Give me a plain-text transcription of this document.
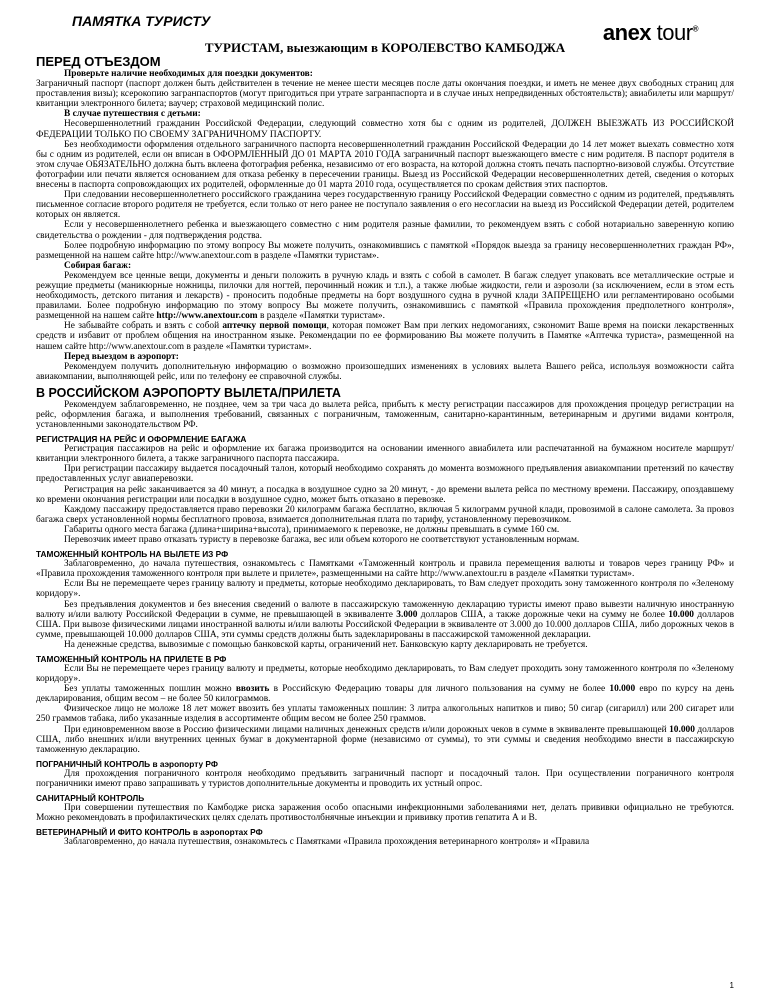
ПАМЯТКА ТУРИСТУ	anex tour®
ТУРИСТАМ, выезжающим в КОРОЛЕВСТВО КАМБОДЖА
ПЕРЕД ОТЪЕЗДОМ

Проверьте наличие необходимых для поездки документов:

Заграничный паспорт (паспорт должен быть действителен в течение не менее шести месяцев после даты окончания поездки, и иметь не менее двух свободных страниц для проставления визы); ксерокопию загранпаспортов (могут пригодиться при утрате загранпаспорта и в случае иных непредвиденных обстоятельств); авиабилеты или маршрут/квитанции электронного билета; ваучер; страховой медицинский полис.

В случае путешествия с детьми:

Несовершеннолетний гражданин Российской Федерации, следующий совместно хотя бы с одним из родителей, ДОЛЖЕН ВЫЕЗЖАТЬ ИЗ РОССИЙСКОЙ ФЕДЕРАЦИИ ТОЛЬКО ПО СВОЕМУ ЗАГРАНИЧНОМУ ПАСПОРТУ.

Без необходимости оформления отдельного заграничного паспорта несовершеннолетний гражданин Российской Федерации до 14 лет может выехать совместно хотя бы с одним из родителей, если он вписан в ОФОРМЛЕННЫЙ ДО 01 МАРТА 2010 ГОДА заграничный паспорт выезжающего вместе с ним родителя. В паспорт родителя в этом случае ОБЯЗАТЕЛЬНО должна быть вклеена фотография ребенка, независимо от его возраста, на которой должна стоять печать паспортно-визовой службы. Отсутствие фотографии или печати является основанием для отказа ребенку в пересечении границы. Выезд из Российской Федерации несовершеннолетних детей, сведения о которых внесены в паспорта сопровождающих их родителей, оформленные до 01 марта 2010 года, осуществляется по срокам действия этих паспортов.

При следовании несовершеннолетнего российского гражданина через государственную границу Российской Федерации совместно с одним из родителей, предъявлять письменное согласие второго родителя не требуется, если только от него ранее не поступало заявления о его несогласии на выезд из Российской Федерации детей, родителем которых он является.

Если у несовершеннолетнего ребенка и выезжающего совместно с ним родителя разные фамилии, то рекомендуем взять с собой нотариально заверенную копию свидетельства о рождении - для подтверждения родства.

Более подробную информацию по этому вопросу Вы можете получить, ознакомившись с памяткой «Порядок выезда за границу несовершеннолетних граждан РФ», размещенной на нашем сайте http://www.anextour.com в разделе «Памятки туристам».

Собирая багаж:

Рекомендуем все ценные вещи, документы и деньги положить в ручную кладь и взять с собой в самолет. В багаж следует упаковать все металлические острые и режущие предметы (маникюрные ножницы, пилочки для ногтей, перочинный ножик и т.п.), а также любые жидкости, гели и аэрозоли (за исключением, если в этом есть необходимость, детского питания и лекарств) - проносить подобные предметы на борт воздушного судна в ручной клади ЗАПРЕЩЕНО или регламентировано особыми правилами. Более подробную информацию по этому вопросу Вы можете получить, ознакомившись с памяткой «Правила прохождения предполетного контроля», размещенной на нашем сайте http://www.anextour.com в разделе «Памятки туристам».

Не забывайте собрать и взять с собой аптечку первой помощи, которая поможет Вам при легких недомоганиях, сэкономит Ваше время на поиски лекарственных средств и избавит от проблем общения на иностранном языке. Рекомендации по ее формированию Вы можете получить в Памятке «Аптечка туриста», размещенной на нашем сайте http://www.anextour.com в разделе «Памятки туристам».

Перед выездом в аэропорт:

Рекомендуем получить дополнительную информацию о возможно произошедших изменениях в условиях вылета Вашего рейса, используя возможности сайта авиакомпании, выполняющей рейс, или по телефону ее справочной службы.

В РОССИЙСКОМ АЭРОПОРТУ ВЫЛЕТА/ПРИЛЕТА

Рекомендуем заблаговременно, не позднее, чем за три часа до вылета рейса, прибыть к месту регистрации пассажиров для прохождения процедур регистрации на рейс, оформления багажа, и выполнения требований, связанных с пограничным, таможенным, санитарно-карантинным, ветеринарным и другими видами контроля, установленными законодательством РФ.

РЕГИСТРАЦИЯ НА РЕЙС И ОФОРМЛЕНИЕ БАГАЖА

Регистрация пассажиров на рейс и оформление их багажа производится на основании именного авиабилета или распечатанной на бумажном носителе маршрут/квитанции электронного билета, а также заграничного паспорта пассажира.

При регистрации пассажиру выдается посадочный талон, который необходимо сохранять до момента возможного предъявления авиакомпании претензий по качеству предоставленных услуг авиаперевозки.

Регистрация на рейс заканчивается за 40 минут, а посадка в воздушное судно за 20 минут, - до времени вылета рейса по местному времени. Пассажиру, опоздавшему ко времени окончания регистрации или посадки в воздушное судно, может быть отказано в перевозке.

Каждому пассажиру предоставляется право перевозки 20 килограмм багажа бесплатно, включая 5 килограмм ручной клади, провозимой в салоне самолета. За провоз багажа сверх установленной нормы бесплатного провоза, взимается дополнительная плата по тарифу, установленному перевозчиком.

Габариты одного места багажа (длина+ширина+высота), принимаемого к перевозке, не должны превышать в сумме 160 см.

Перевозчик имеет право отказать туристу в перевозке багажа, вес или объем которого не соответствуют установленным нормам.

ТАМОЖЕННЫЙ КОНТРОЛЬ НА ВЫЛЕТЕ ИЗ РФ

Заблаговременно, до начала путешествия, ознакомьтесь с Памятками «Таможенный контроль и правила перемещения валюты и товаров через границу РФ» и «Правила прохождения таможенного контроля при вылете и прилете», размещенными на сайте http://www.anextour.ru в разделе «Памятки туристам».

Если Вы не перемещаете через границу валюту и предметы, которые необходимо декларировать, то Вам следует проходить зону таможенного контроля по «Зеленому коридору».

Без предъявления документов и без внесения сведений о валюте в пассажирскую таможенную декларацию туристы имеют право вывезти наличную иностранную валюту и/или валюту Российской Федерации в сумме, не превышающей в эквиваленте 3.000 долларов США, а также дорожные чеки на сумму не более 10.000 долларов США. При вывозе физическими лицами иностранной валюты и/или валюты Российской Федерации в эквиваленте от 3.000 до 10.000 долларов США, либо дорожных чеков в сумме, превышающей 10.000 долларов США, эти суммы средств должны быть задекларированы в пассажирской таможенной декларации.

На денежные средства, вывозимые с помощью банковской карты, ограничений нет. Банковскую карту декларировать не требуется.

ТАМОЖЕННЫЙ КОНТРОЛЬ НА ПРИЛЕТЕ В РФ

Если Вы не перемещаете через границу валюту и предметы, которые необходимо декларировать, то Вам следует проходить зону таможенного контроля по «Зеленому коридору».

Без уплаты таможенных пошлин можно ввозить в Российскую Федерацию товары для личного пользования на сумму не более 10.000 евро по курсу на день декларирования, общим весом – не более 50 килограммов.

Физическое лицо не моложе 18 лет может ввозить без уплаты таможенных пошлин: 3 литра алкогольных напитков и пиво; 50 сигар (сигарилл) или 200 сигарет или 250 граммов табака, либо указанные изделия в ассортименте общим весом не более 250 граммов.

При единовременном ввозе в Россию физическими лицами наличных денежных средств и/или дорожных чеков в сумме в эквиваленте превышающей 10.000 долларов США, либо внешних и/или внутренних ценных бумаг в документарной форме (независимо от суммы), то эти суммы и сведения необходимо внести в пассажирскую таможенную декларацию.

ПОГРАНИЧНЫЙ КОНТРОЛЬ в аэропорту РФ

Для прохождения пограничного контроля необходимо предъявить заграничный паспорт и посадочный талон. При осуществлении пограничного контроля пограничники имеют право запрашивать у туристов дополнительные документы и проводить их устный опрос.

САНИТАРНЫЙ КОНТРОЛЬ

При совершении путешествия по Камбодже риска заражения особо опасными инфекционными заболеваниями нет, делать прививки официально не требуются. Можно рекомендовать в профилактических целях сделать противостолбнячные инъекции и прививку против гепатита А и В.

ВЕТЕРИНАРНЫЙ И ФИТО КОНТРОЛЬ в аэропортах РФ

Заблаговременно, до начала путешествия, ознакомьтесь с Памятками «Правила прохождения ветеринарного контроля» и «Правила

1
